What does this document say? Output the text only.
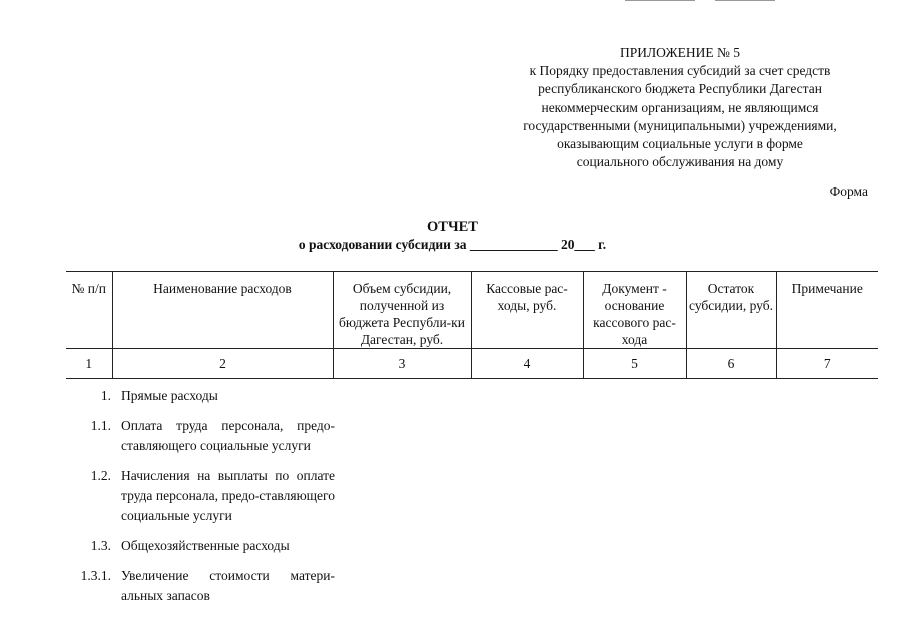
ПРИЛОЖЕНИЕ № 5
к Порядку предоставления субсидий за счет средств
республиканского бюджета Республики Дагестан
некоммерческим организациям, не являющимся
государственными (муниципальными) учреждениями,
оказывающим социальные услуги в форме
социального обслуживания на дому
Форма
ОТЧЕТ
о расходовании субсидии за _____________ 20___ г.
№ п/п	Наименование расходов	Объем субсидии, полученной из бюджета Республи-ки Дагестан, руб.	Кассовые рас-ходы, руб.	Документ - основание кассового рас-хода	Остаток субсидии, руб.	Примечание
1	2	3	4	5	6	7
1. Прямые расходы
1.1. Оплата труда персонала, предо-ставляющего социальные услуги
1.2. Начисления на выплаты по оплате труда персонала, предо-ставляющего социальные услуги
1.3. Общехозяйственные расходы
1.3.1. Увеличение стоимости матери-альных запасов
